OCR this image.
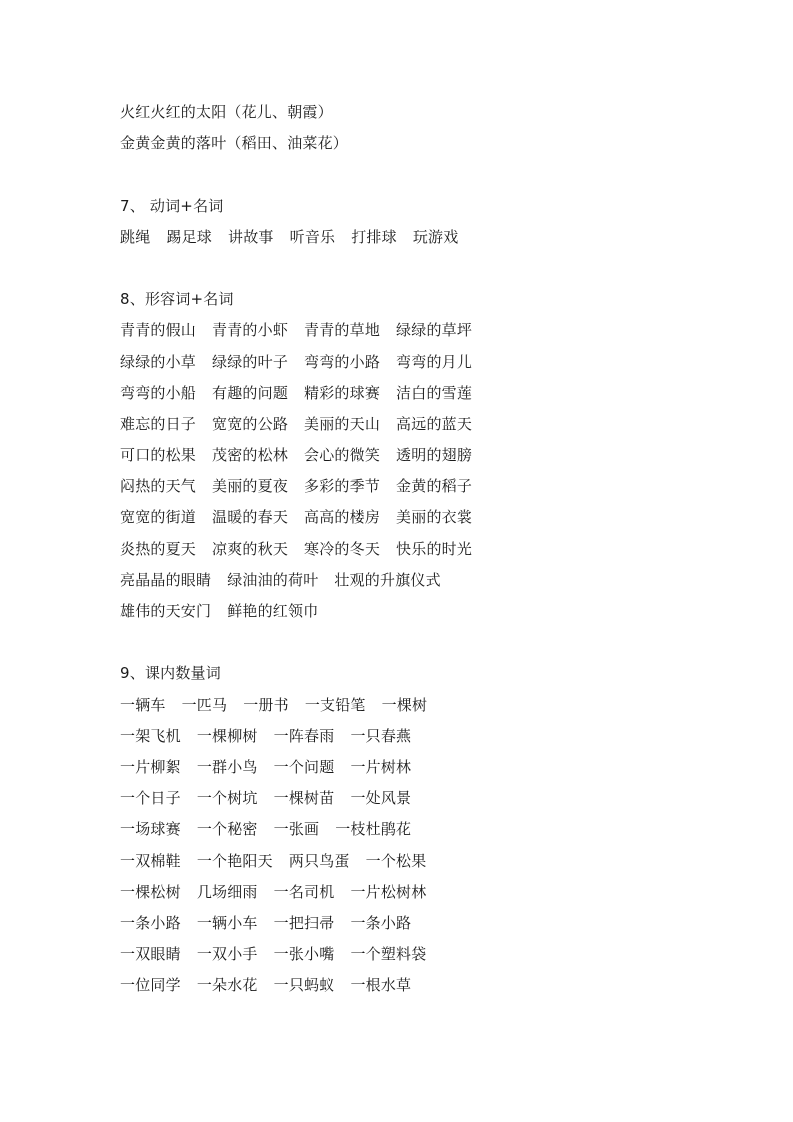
火红火红的太阳（花儿、朝霞）
金黄金黄的落叶（稻田、油菜花）
7、 动词+名词
跳绳 踢足球 讲故事 听音乐 打排球 玩游戏
8、形容词+名词
青青的假山 青青的小虾 青青的草地 绿绿的草坪
绿绿的小草 绿绿的叶子 弯弯的小路 弯弯的月儿
弯弯的小船 有趣的问题 精彩的球赛 洁白的雪莲
难忘的日子 宽宽的公路 美丽的天山 高远的蓝天
可口的松果 茂密的松林 会心的微笑 透明的翅膀
闷热的天气 美丽的夏夜 多彩的季节 金黄的稻子
宽宽的街道 温暖的春天 高高的楼房 美丽的衣裳
炎热的夏天 凉爽的秋天 寒冷的冬天 快乐的时光
亮晶晶的眼睛 绿油油的荷叶 壮观的升旗仪式
雄伟的天安门 鲜艳的红领巾
9、课内数量词
一辆车 一匹马 一册书 一支铅笔 一棵树
一架飞机 一棵柳树 一阵春雨 一只春燕
一片柳絮 一群小鸟 一个问题 一片树林
一个日子 一个树坑 一棵树苗 一处风景
一场球赛 一个秘密 一张画 一枝杜鹃花
一双棉鞋 一个艳阳天 两只鸟蛋 一个松果
一棵松树 几场细雨 一名司机 一片松树林
一条小路 一辆小车 一把扫帚 一条小路
一双眼睛 一双小手 一张小嘴 一个塑料袋
一位同学 一朵水花 一只蚂蚁 一根水草
